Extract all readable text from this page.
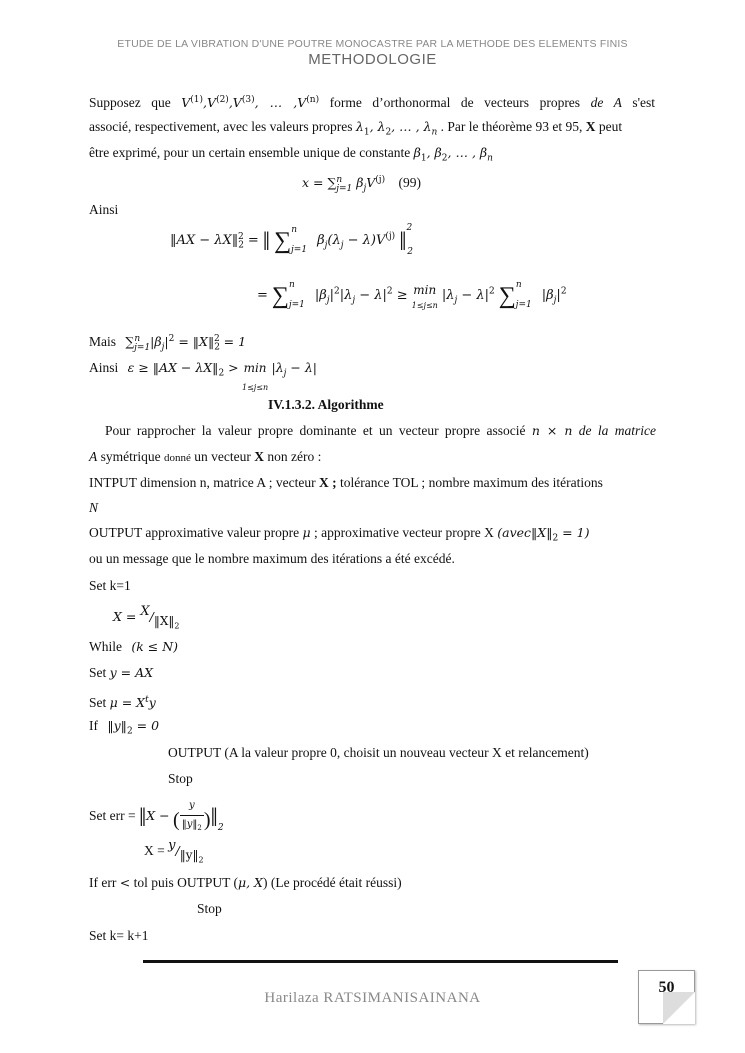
ETUDE DE LA VIBRATION D'UNE POUTRE MONOCASTRE PAR LA METHODE DES ELEMENTS FINIS
METHODOLOGIE
Supposez que $V^{(1)},V^{(2)},V^{(3)}$, … $,V^{(n)}$ forme d’orthonormal de vecteurs propres de A s'est
associé, respectivement, avec les valeurs propres $\lambda_1$, $\lambda_2$, … , $\lambda_n$ . Par le théorème 93 et 95, X peut
être exprimé, pour un certain ensemble unique de constante $\beta_1$, $\beta_2$, … , $\beta_n$
x = ∑$^n_{j=1}$ $\beta_jV^{(j)}$ (99)
Ainsi
‖AX − $\lambda X‖_2^2$ = ‖ ∑$^n_{j=1}$ $\beta_j(\lambda_j - \lambda)V^{(j)}$ ‖$^2_2$
= ∑$^n_{j=1}$ $|\beta_j|^2|\lambda_j - \lambda|^2 \ge \min$
1≤j≤n $|\lambda_j - \lambda|^2$ ∑$^n_{j=1}$ $|\beta_j|^2$
Mais $\sum^n_{j=1}|\beta_j|^2$ = $‖X‖_2^2 = 1$
Ainsi ε ≥ ‖AX − $\lambda X‖_2 > \min$
1≤j≤n $|\lambda_j - \lambda|$
IV.1.3.2. Algorithme
Pour rapprocher la valeur propre dominante et un vecteur propre associé n × n de la matrice
A symétrique donné un vecteur X non zéro :
INTPUT dimension n, matrice A ; vecteur X ; tolérance TOL ; nombre maximum des itérations
N
OUTPUT approximative valeur propre μ ; approximative vecteur propre X $(avec‖X‖_2 = 1)$
ou un message que le nombre maximum des itérations a été excédé.
Set k=1
$X = ^X/_{‖X‖_2}$
While (k ≤ N)
Set y = AX
Set $\mu = X^ty$
If $‖y‖_2 = 0$
OUTPUT (A la valeur propre 0, choisit un nouveau vecteur X et relancement)
Stop
Set err = ‖X − ( $\frac{y}{‖y‖_2}$ )$‖_2$
$X = ^y/_{‖y‖_2}$
If err < tol puis OUTPUT (μ, X) (Le procédé était réussi)
Stop
Set k= k+1
Harilaza RATSIMANISAINANA
50
